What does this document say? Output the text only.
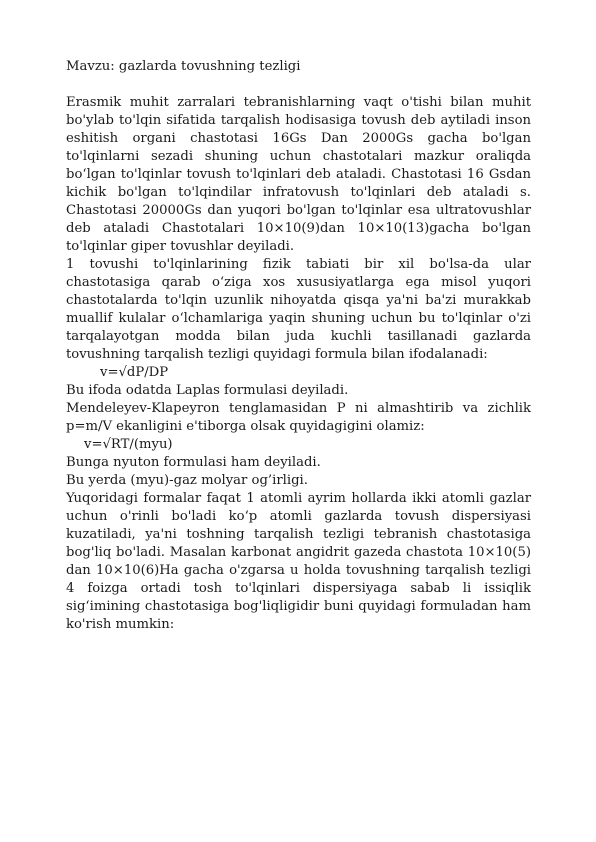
Mavzu: gazlarda tovushning tezligi

Erasmik muhit zarralari tebranishlarning vaqt o'tishi bilan muhit bo'ylab to'lqin sifatida tarqalish hodisasiga tovush deb aytiladi inson eshitish organi chastotasi 16Gs Dan 2000Gs gacha bo'lgan to'lqinlarni sezadi shuning uchun chastotalari mazkur oraliqda bo‘lgan to'lqinlar tovush to'lqinlari deb ataladi. Chastotasi 16 Gsdan kichik bo'lgan to'lqindilar infratovush to'lqinlari deb ataladi s. Chastotasi 20000Gs dan yuqori bo'lgan to'lqinlar esa ultratovushlar deb ataladi Chastotalari 10×10(9)dan 10×10(13)gacha bo'lgan to'lqinlar giper tovushlar deyiladi.

1 tovushi to'lqinlarining fizik tabiati bir xil bo'lsa-da ular chastotasiga qarab o‘ziga xos xususiyatlarga ega misol yuqori chastotalarda to'lqin uzunlik nihoyatda qisqa ya'ni ba'zi murakkab muallif kulalar o‘lchamlariga yaqin shuning uchun bu to'lqinlar o'zi tarqalayotgan modda bilan juda kuchli tasillanadi gazlarda tovushning tarqalish tezligi quyidagi formula bilan ifodalanadi:

v=√dP/DP

Bu ifoda odatda Laplas formulasi deyiladi.

Mendeleyev-Klapeyron tenglamasidan P ni almashtirib va zichlik p=m/V ekanligini e'tiborga olsak quyidagigini olamiz:

v=√RT/(myu)

Bunga nyuton formulasi ham deyiladi.

Bu yerda (myu)-gaz molyar og’irligi.

Yuqoridagi formalar faqat 1 atomli ayrim hollarda ikki atomli gazlar uchun o'rinli bo'ladi ko‘p atomli gazlarda tovush dispersiyasi kuzatiladi, ya'ni toshning tarqalish tezligi tebranish chastotasiga bog'liq bo'ladi. Masalan karbonat angidrit gazeda chastota 10×10(5) dan 10×10(6)Ha gacha o'zgarsa u holda tovushning tarqalish tezligi 4 foizga ortadi tosh to'lqinlari dispersiyaga sabab li issiqlik sig‘imining chastotasiga bog'liqligidir buni quyidagi formuladan ham ko'rish mumkin:
